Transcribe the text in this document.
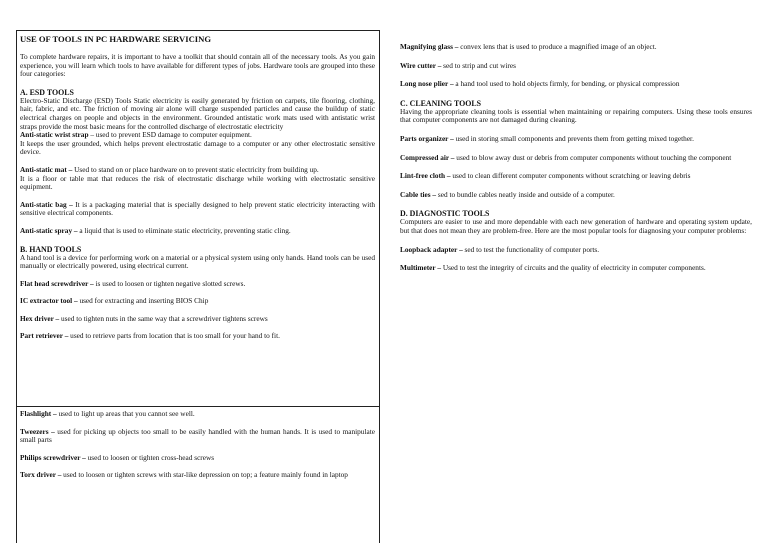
USE OF TOOLS IN PC HARDWARE SERVICING
To complete hardware repairs, it is important to have a toolkit that should contain all of the necessary tools. As you gain experience, you will learn which tools to have available for different types of jobs. Hardware tools are grouped into these four categories:
A. ESD TOOLS
Electro-Static Discharge (ESD) Tools Static electricity is easily generated by friction on carpets, tile flooring, clothing, hair, fabric, and etc. The friction of moving air alone will charge suspended particles and cause the buildup of static electrical charges on people and objects in the environment. Grounded antistatic work mats used with antistatic wrist straps provide the most basic means for the controlled discharge of electrostatic electricity
Anti-static wrist strap – used to prevent ESD damage to computer equipment.
It keeps the user grounded, which helps prevent electrostatic damage to a computer or any other electrostatic sensitive device.
Anti-static mat – Used to stand on or place hardware on to prevent static electricity from building up.
It is a floor or table mat that reduces the risk of electrostatic discharge while working with electrostatic sensitive equipment.
Anti-static bag – It is a packaging material that is specially designed to help prevent static electricity interacting with sensitive electrical components.
Anti-static spray – a liquid that is used to eliminate static electricity, preventing static cling.
B. HAND TOOLS
A hand tool is a device for performing work on a material or a physical system using only hands. Hand tools can be used manually or electrically powered, using electrical current.
Flat head screwdriver – is used to loosen or tighten negative slotted screws.
IC extractor tool – used for extracting and inserting BIOS Chip
Hex driver – used to tighten nuts in the same way that a screwdriver tightens screws
Part retriever – used to retrieve parts from location that is too small for your hand to fit.
Flashlight – used to light up areas that you cannot see well.
Tweezers – used for picking up objects too small to be easily handled with the human hands. It is used to manipulate small parts
Philips screwdriver – used to loosen or tighten cross-head screws
Torx driver – used to loosen or tighten screws with star-like depression on top; a feature mainly found in laptop
Magnifying glass – convex lens that is used to produce a magnified image of an object.
Wire cutter – sed to strip and cut wires
Long nose plier – a hand tool used to hold objects firmly, for bending, or physical compression
C. CLEANING TOOLS
Having the appropriate cleaning tools is essential when maintaining or repairing computers. Using these tools ensures that computer components are not damaged during cleaning.
Parts organizer – used in storing small components and prevents them from getting mixed together.
Compressed air – used to blow away dust or debris from computer components without touching the component
Lint-free cloth – used to clean different computer components without scratching or leaving debris
Cable ties – sed to bundle cables neatly inside and outside of a computer.
D. DIAGNOSTIC TOOLS
Computers are easier to use and more dependable with each new generation of hardware and operating system update, but that does not mean they are problem-free. Here are the most popular tools for diagnosing your computer problems:
Loopback adapter – sed to test the functionality of computer ports.
Multimeter – Used to test the integrity of circuits and the quality of electricity in computer components.
